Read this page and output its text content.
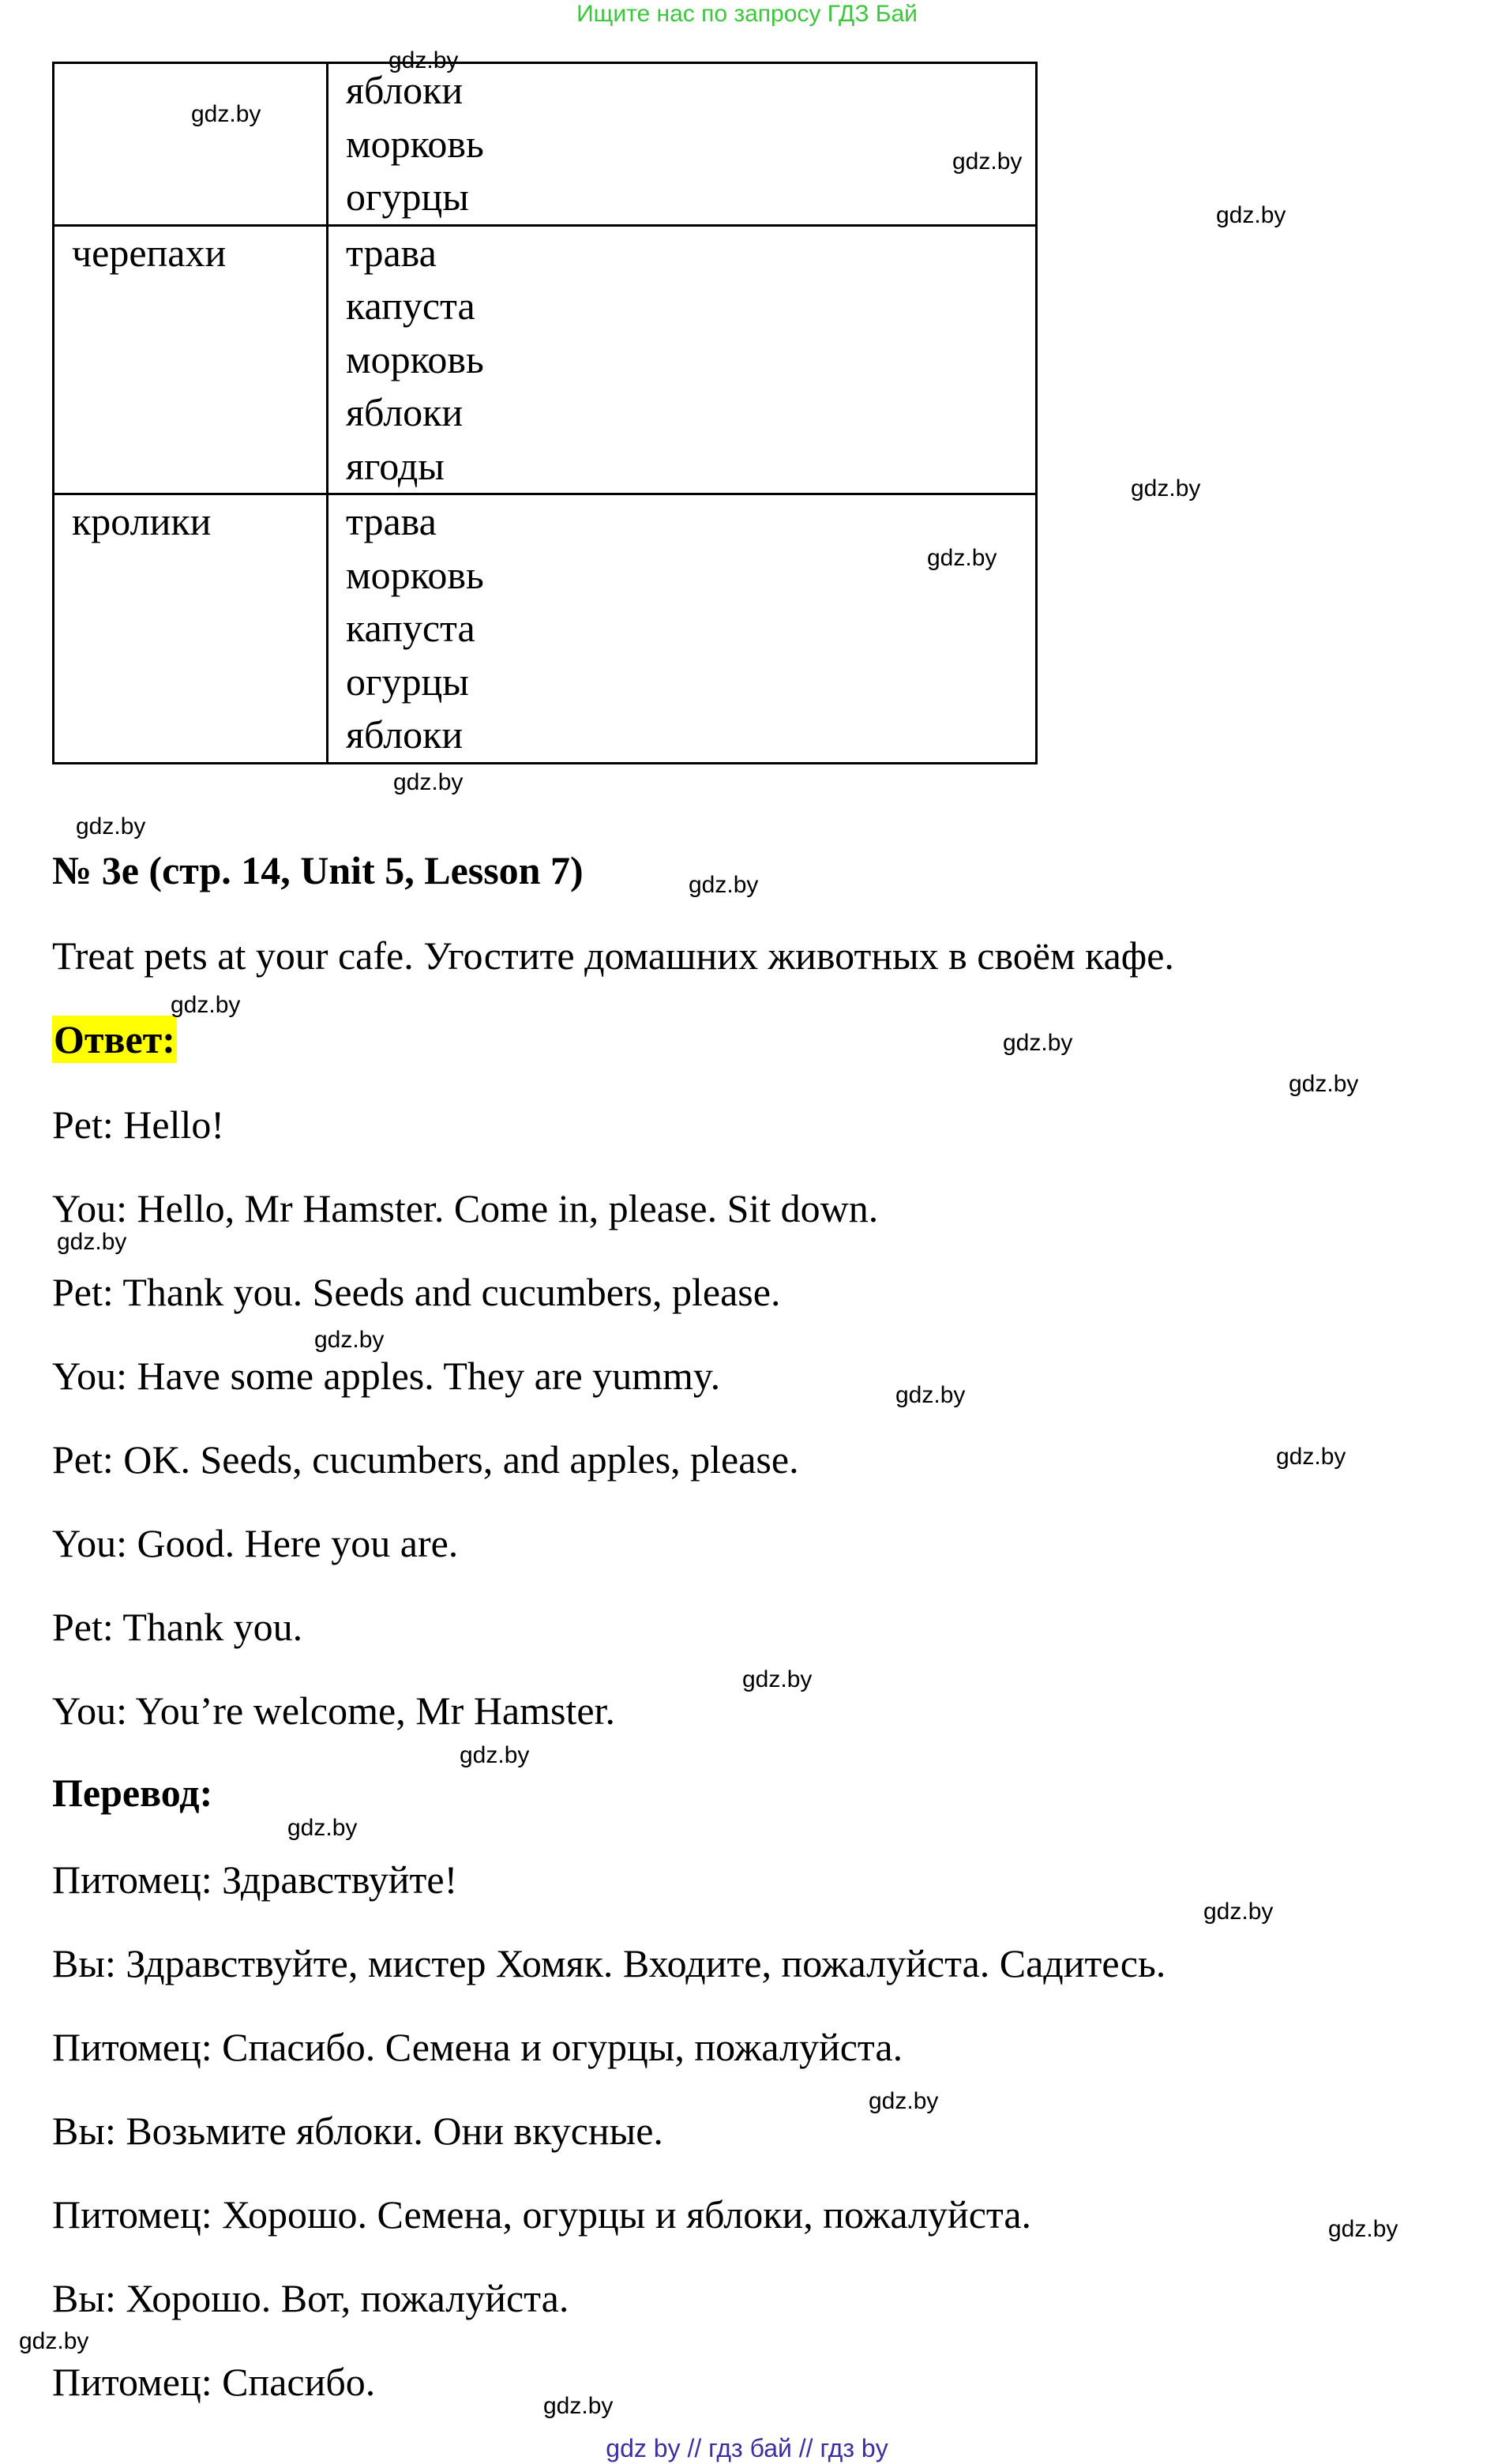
Ищите нас по запросу ГДЗ Бай

	яблоки
морковь
огурцы

черепахи	трава
капуста
морковь
яблоки
ягоды

кролики	трава
морковь
капуста
огурцы
яблоки
№ 3е (стр. 14, Unit 5, Lesson 7)
Treat pets at your cafe. Угостите домашних животных в своём кафе.
Ответ:
Pet: Hello!
You: Hello, Mr Hamster. Come in, please. Sit down.
Pet: Thank you. Seeds and cucumbers, please.
You: Have some apples. They are yummy.
Pet: OK. Seeds, cucumbers, and apples, please.
You: Good. Here you are.
Pet: Thank you.
You: You’re welcome, Mr Hamster.
Перевод:
Питомец: Здравствуйте!
Вы: Здравствуйте, мистер Хомяк. Входите, пожалуйста. Садитесь.
Питомец: Спасибо. Семена и огурцы, пожалуйста.
Вы: Возьмите яблоки. Они вкусные.
Питомец: Хорошо. Семена, огурцы и яблоки, пожалуйста.
Вы: Хорошо. Вот, пожалуйста.
Питомец: Спасибо.
gdz.by
gdz.by
gdz.by
gdz.by
gdz.by
gdz.by
gdz.by
gdz.by
gdz.by
gdz.by
gdz.by
gdz.by
gdz.by
gdz.by
gdz.by
gdz.by
gdz.by
gdz.by
gdz.by
gdz.by
gdz.by
gdz.by
gdz.by
gdz.by
gdz by // гдз бай // гдз by
